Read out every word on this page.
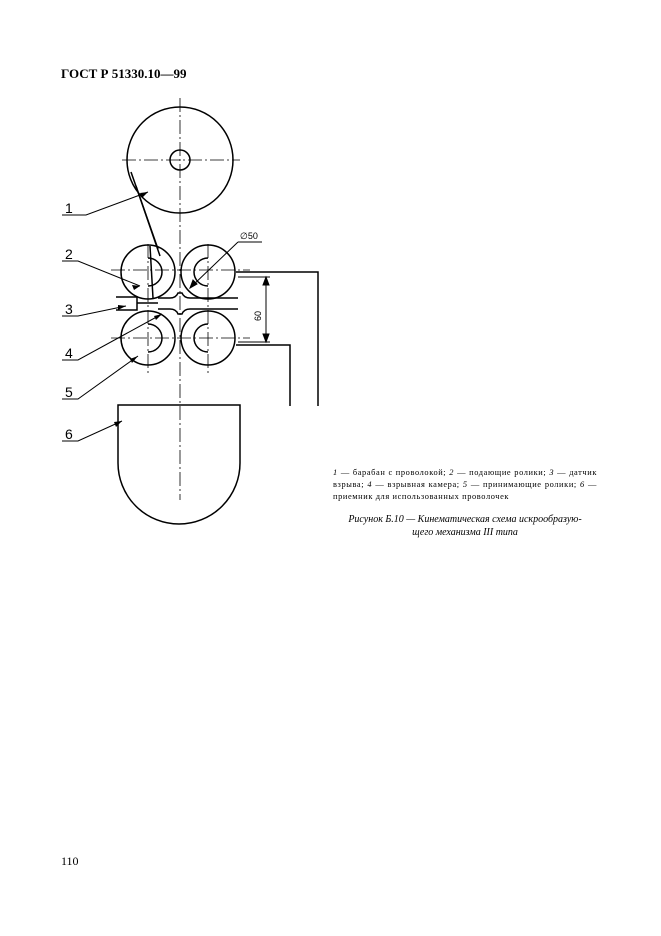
ГОСТ Р 51330.10—99
60
∅50
1
2
3
4
5
6
1 — барабан с проволокой; 2 — подающие ролики; 3 — датчик взрыва; 4 — взрывная камера; 5 — принимающие ролики; 6 — приемник для использованных проволочек
Рисунок Б.10 — Кинематическая схема искрообразую-
щего механизма III типа
110
